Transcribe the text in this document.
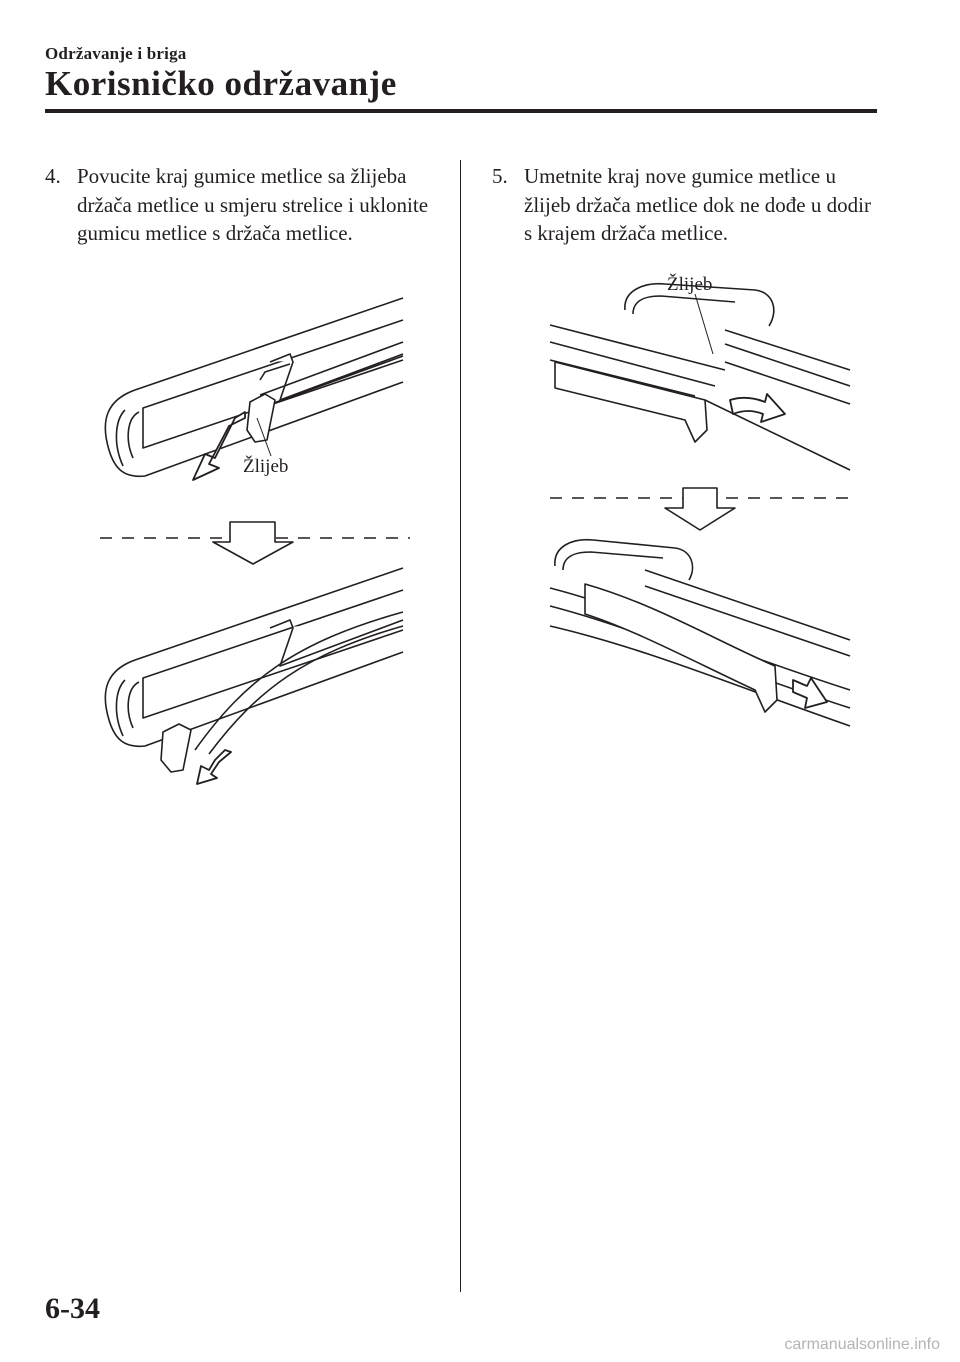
Održavanje i briga
Korisničko održavanje
4. Povucite kraj gumice metlice sa žlijeba držača metlice u smjeru strelice i uklonite gumicu metlice s držača metlice.
5. Umetnite kraj nove gumice metlice u žlijeb držača metlice dok ne dođe u dodir s krajem držača metlice.
Žlijeb
Žlijeb
6-34
carmanualsonline.info
